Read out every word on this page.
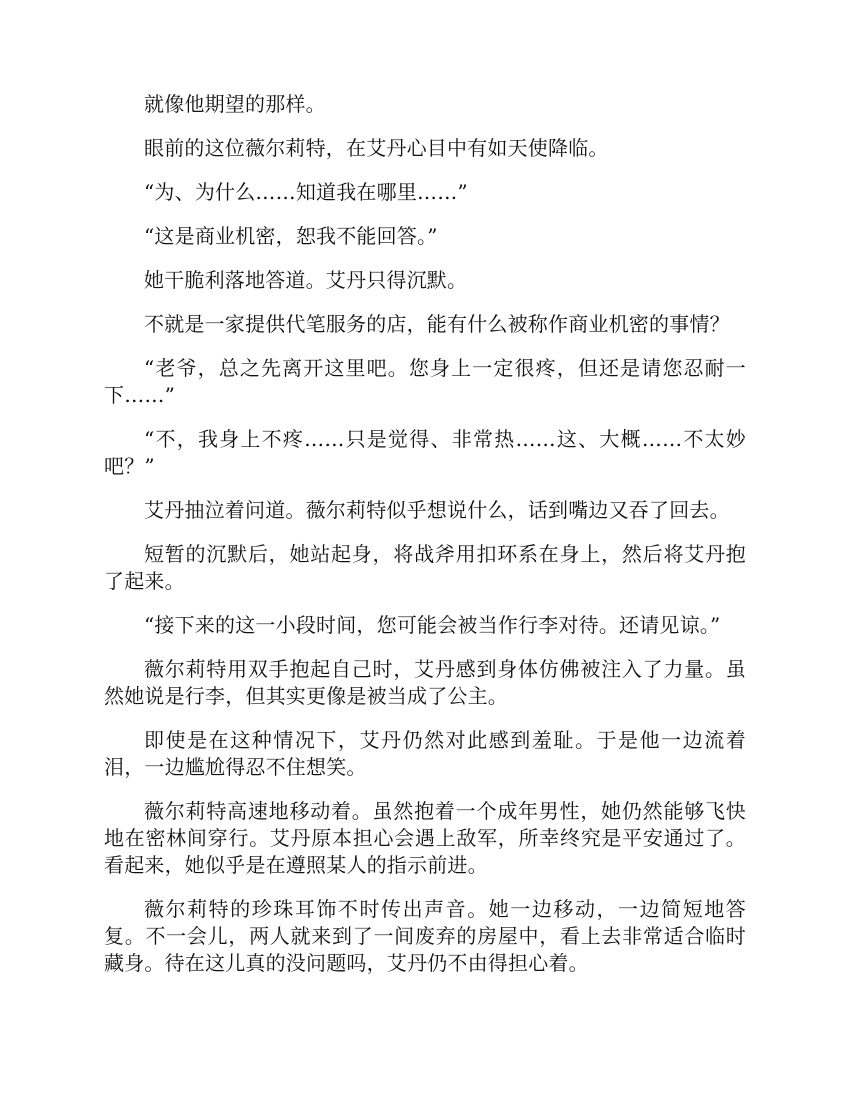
就像他期望的那样。

眼前的这位薇尔莉特，在艾丹心目中有如天使降临。

“为、为什么……知道我在哪里……”

“这是商业机密，恕我不能回答。”

她干脆利落地答道。艾丹只得沉默。

不就是一家提供代笔服务的店，能有什么被称作商业机密的事情？

“老爷，总之先离开这里吧。您身上一定很疼，但还是请您忍耐一下……”

“不，我身上不疼……只是觉得、非常热……这、大概……不太妙吧？”

艾丹抽泣着问道。薇尔莉特似乎想说什么，话到嘴边又吞了回去。

短暂的沉默后，她站起身，将战斧用扣环系在身上，然后将艾丹抱了起来。

“接下来的这一小段时间，您可能会被当作行李对待。还请见谅。”

薇尔莉特用双手抱起自己时，艾丹感到身体仿佛被注入了力量。虽然她说是行李，但其实更像是被当成了公主。

即使是在这种情况下，艾丹仍然对此感到羞耻。于是他一边流着泪，一边尴尬得忍不住想笑。

薇尔莉特高速地移动着。虽然抱着一个成年男性，她仍然能够飞快地在密林间穿行。艾丹原本担心会遇上敌军，所幸终究是平安通过了。看起来，她似乎是在遵照某人的指示前进。

薇尔莉特的珍珠耳饰不时传出声音。她一边移动，一边简短地答复。不一会儿，两人就来到了一间废弃的房屋中，看上去非常适合临时藏身。待在这儿真的没问题吗，艾丹仍不由得担心着。
